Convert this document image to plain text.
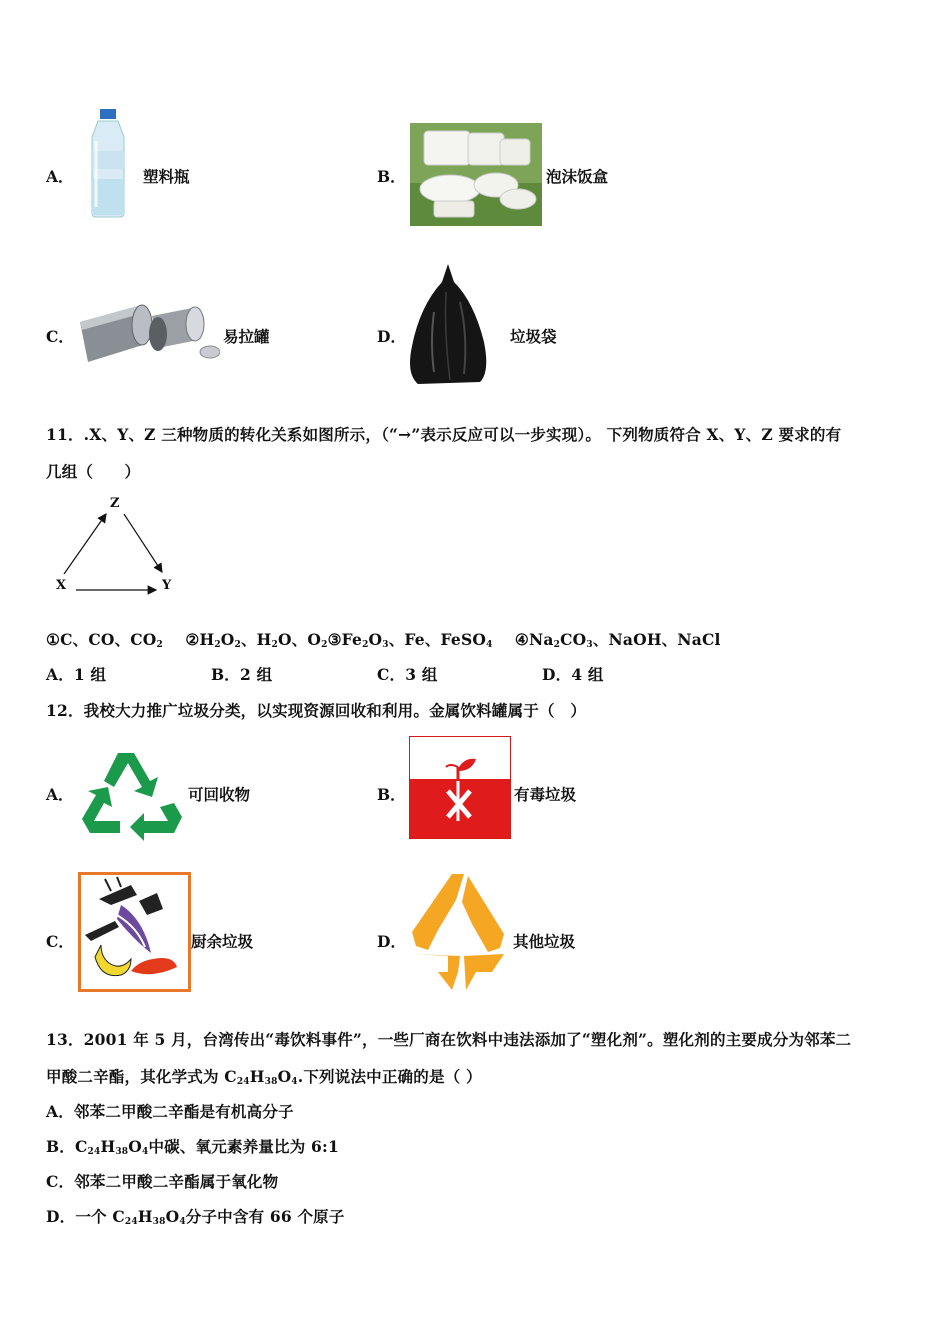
A．	塑料瓶	B．	泡沫饭盒
C．	易拉罐	D．	垃圾袋
11．.X、Y、Z 三种物质的转化关系如图所示，（“→”表示反应可以一步实现）。 下列物质符合 X、Y、Z 要求的有
几组（　　）
Z
X	Y
①C、CO、$CO_2$ $②H_2O_2$、$H_2O$、$O_2③Fe_2O_3$、Fe、FeSO$_4$ $④Na_2CO_3$、NaOH、NaCl
A．1 组	B．2 组	C．3 组	D．4 组
12．我校大力推广垃圾分类，以实现资源回收和利用。金属饮料罐属于（　）
A．	可回收物	B．	有毒垃圾
C．	厨余垃圾	D．	其他垃圾
13．2001 年 5 月，台湾传出“毒饮料事件”，一些厂商在饮料中违法添加了“塑化剂”。塑化剂的主要成分为邻苯二
甲酸二辛酯，其化学式为 $C_{24}H_{38}O_4$.下列说法中正确的是（ ）
A．邻苯二甲酸二辛酯是有机高分子
B．$C_{24}H_{38}O_4$中碳、氧元素养量比为 6:1
C．邻苯二甲酸二辛酯属于氧化物
D．一个 $C_{24}H_{38}O_4$分子中含有 66 个原子
